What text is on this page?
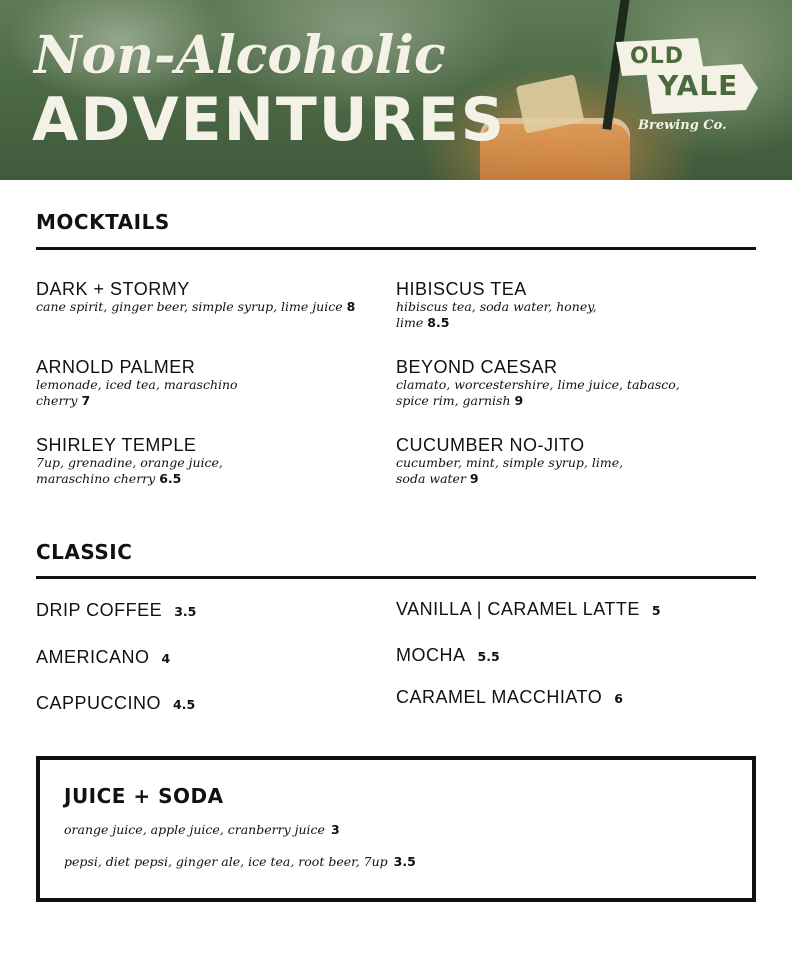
Non-Alcoholic
ADVENTURES
OLD
YALE
Brewing Co.
MOCKTAILS
DARK + STORMY
cane spirit, ginger beer, simple syrup, lime juice 8
HIBISCUS TEA
hibiscus tea, soda water, honey, lime 8.5
ARNOLD PALMER
lemonade, iced tea, maraschino cherry 7
BEYOND CAESAR
clamato, worcestershire, lime juice, tabasco, spice rim, garnish 9
SHIRLEY TEMPLE
7up, grenadine, orange juice, maraschino cherry 6.5
CUCUMBER NO-JITO
cucumber, mint, simple syrup, lime, soda water 9
CLASSIC
DRIP COFFEE 3.5	VANILLA | CARAMEL LATTE 5
AMERICANO 4	MOCHA 5.5
CAPPUCCINO 4.5	CARAMEL MACCHIATO 6
JUICE + SODA
orange juice, apple juice, cranberry juice 3
pepsi, diet pepsi, ginger ale, ice tea, root beer, 7up 3.5
